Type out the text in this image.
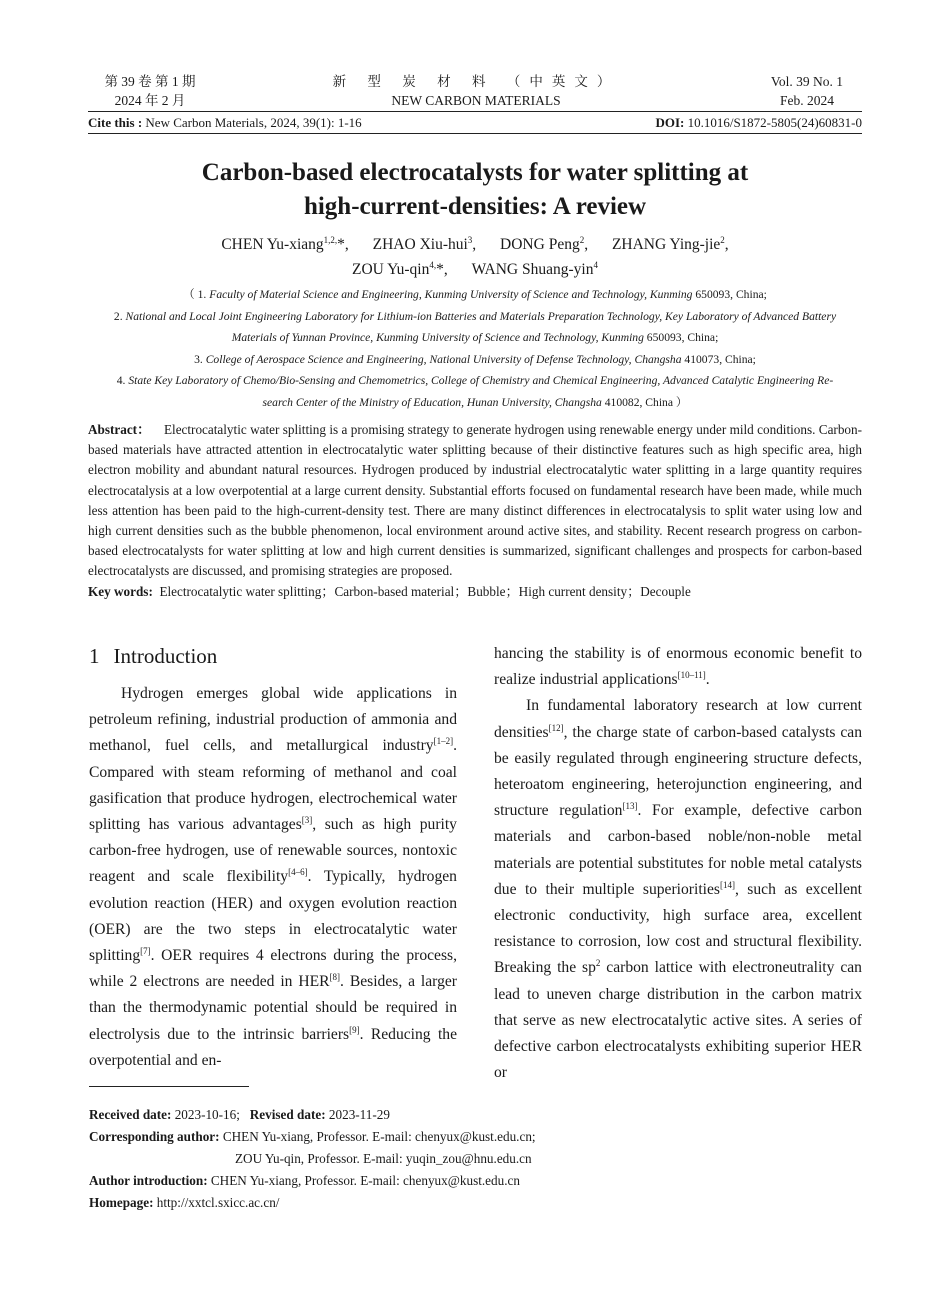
第 39 卷 第 1 期
2024 年 2 月
新 型 炭 材 料 （中英文）
NEW CARBON MATERIALS
Vol. 39 No. 1
Feb. 2024
Cite this : New Carbon Materials, 2024, 39(1): 1-16	DOI: 10.1016/S1872-5805(24)60831-0
Carbon-based electrocatalysts for water splitting at
high-current-densities: A review
CHEN Yu-xiang$^{1,2,}$*, ZHAO Xiu-hui$^3$, DONG Peng$^2$, ZHANG Ying-jie$^2$,
ZOU Yu-qin$^{4,}$*, WANG Shuang-yin$^4$

（ 1. Faculty of Material Science and Engineering, Kunming University of Science and Technology, Kunming 650093, China;

2. National and Local Joint Engineering Laboratory for Lithium-ion Batteries and Materials Preparation Technology, Key Laboratory of Advanced Battery

Materials of Yunnan Province, Kunming University of Science and Technology, Kunming 650093, China;

3. College of Aerospace Science and Engineering, National University of Defense Technology, Changsha 410073, China;

4. State Key Laboratory of Chemo/Bio-Sensing and Chemometrics, College of Chemistry and Chemical Engineering, Advanced Catalytic Engineering Re-

search Center of the Ministry of Education, Hunan University, Changsha 410082, China ）

Abstract： Electrocatalytic water splitting is a promising strategy to generate hydrogen using renewable energy under mild conditions. Carbon-based materials have attracted attention in electrocatalytic water splitting because of their distinctive features such as high specific area, high electron mobility and abundant natural resources. Hydrogen produced by industrial electrocatalytic water splitting in a large quantity requires electrocatalysis at a low overpotential at a large current density. Substantial efforts focused on fundamental research have been made, while much less attention has been paid to the high-current-density test. There are many distinct differences in electrocatalysis to split water using low and high current densities such as the bubble phenomenon, local environment around active sites, and stability. Recent research progress on carbon-based electrocatalysts for water splitting at low and high current densities is summarized, significant challenges and prospects for carbon-based electrocatalysts are discussed, and promising strategies are proposed.

Key words: Electrocatalytic water splitting；Carbon-based material；Bubble；High current density；Decouple

1 Introduction

Hydrogen emerges global wide applications in petroleum refining, industrial production of ammonia and methanol, fuel cells, and metallurgical industry[1–2]. Compared with steam reforming of methanol and coal gasification that produce hydrogen, electrochemical water splitting has various advantages[3], such as high purity carbon-free hydrogen, use of renewable sources, nontoxic reagent and scale flexibility[4–6]. Typically, hydrogen evolution reaction (HER) and oxygen evolution reaction (OER) are the two steps in electrocatalytic water splitting[7]. OER requires 4 electrons during the process, while 2 electrons are needed in HER[8]. Besides, a larger than the thermodynamic potential should be required in electrolysis due to the intrinsic barriers[9]. Reducing the overpotential and en-

hancing the stability is of enormous economic benefit to realize industrial applications[10–11].

In fundamental laboratory research at low current densities[12], the charge state of carbon-based catalysts can be easily regulated through engineering structure defects, heteroatom engineering, heterojunction engineering, and structure regulation[13]. For example, defective carbon materials and carbon-based noble/non-noble metal materials are potential substitutes for noble metal catalysts due to their multiple superiorities[14], such as excellent electronic conductivity, high surface area, excellent resistance to corrosion, low cost and structural flexibility. Breaking the $sp^2$ carbon lattice with electroneutrality can lead to uneven charge distribution in the carbon matrix that serve as new electrocatalytic active sites. A series of defective carbon electrocatalysts exhibiting superior HER or

Received date: 2023-10-16; Revised date: 2023-11-29

Corresponding author: CHEN Yu-xiang, Professor. E-mail: chenyux@kust.edu.cn;

ZOU Yu-qin, Professor. E-mail: yuqin_zou@hnu.edu.cn

Author introduction: CHEN Yu-xiang, Professor. E-mail: chenyux@kust.edu.cn

Homepage: http://xxtcl.sxicc.ac.cn/
